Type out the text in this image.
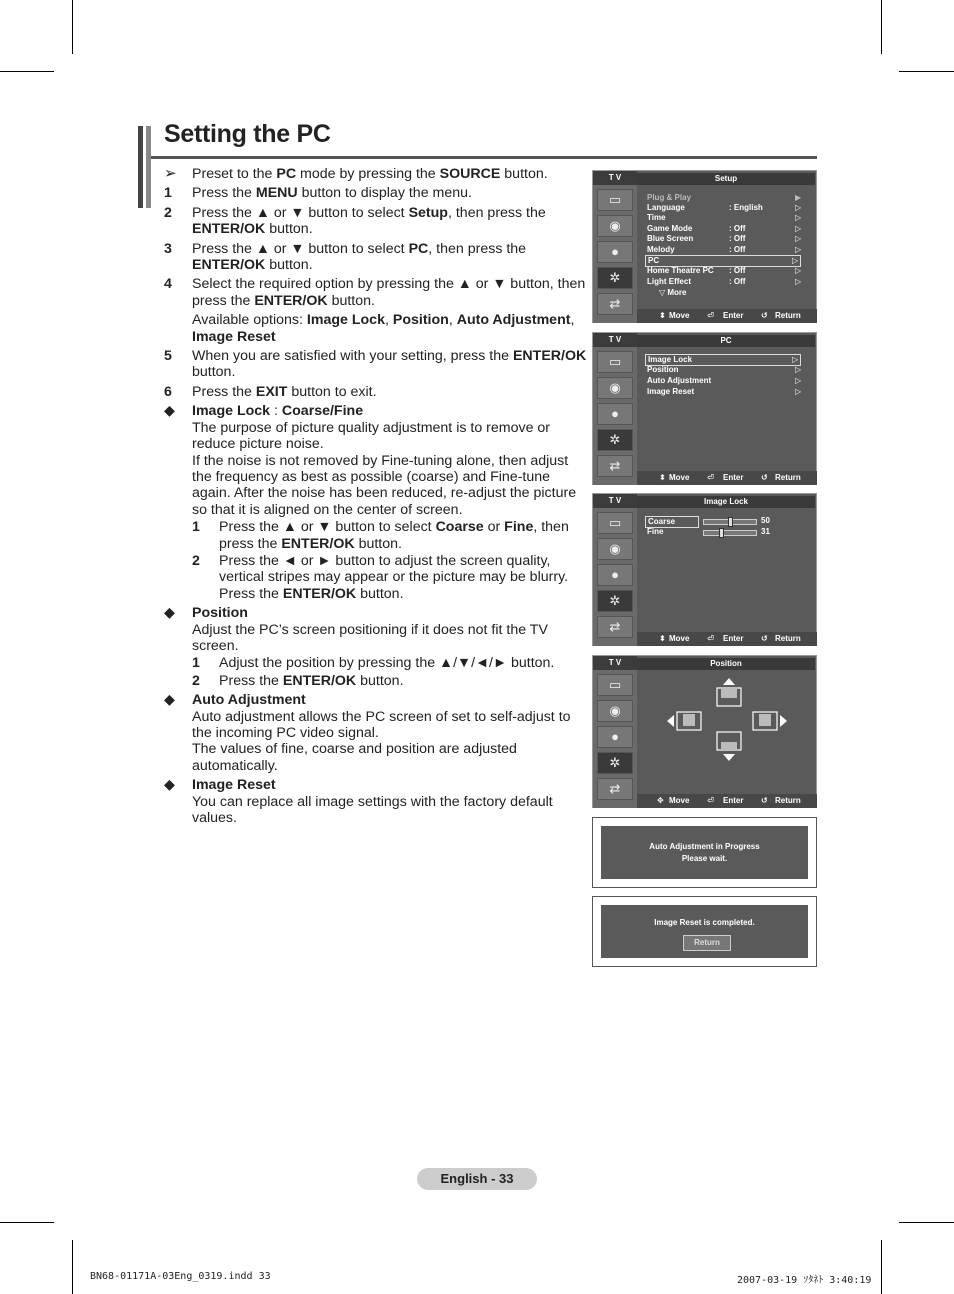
Setting the PC
➢ Preset to the PC mode by pressing the SOURCE button.
1 Press the MENU button to display the menu.
2 Press the ▲ or ▼ button to select Setup, then press the ENTER/OK button.
3 Press the ▲ or ▼ button to select PC, then press the ENTER/OK button.
4 Select the required option by pressing the ▲ or ▼ button, then press the ENTER/OK button.
Available options: Image Lock, Position, Auto Adjustment, Image Reset
5 When you are satisfied with your setting, press the ENTER/OK button.
6 Press the EXIT button to exit.
◆ Image Lock : Coarse/Fine

The purpose of picture quality adjustment is to remove or reduce picture noise.

If the noise is not removed by Fine-tuning alone, then adjust the frequency as best as possible (coarse) and Fine-tune again. After the noise has been reduced, re-adjust the picture so that it is aligned on the center of screen.

1 Press the ▲ or ▼ button to select Coarse or Fine, then press the ENTER/OK button.
2 Press the ◄ or ► button to adjust the screen quality, vertical stripes may appear or the picture may be blurry. Press the ENTER/OK button.
◆ Position

Adjust the PC’s screen positioning if it does not fit the TV screen.

1 Adjust the position by pressing the ▲/▼/◄/► button.
2 Press the ENTER/OK button.
◆ Auto Adjustment

Auto adjustment allows the PC screen of set to self-adjust to the incoming PC video signal.

The values of fine, coarse and position are adjusted automatically.

◆ Image Reset

You can replace all image settings with the factory default values.

T V	Setup
▭
◉
●
✲
⇄
Plug & Play	▶
Language	: English	▷
Time	▷
Game Mode	: Off	▷
Blue Screen	: Off	▷
Melody	: Off	▷
PC	▷
Home Theatre PC : Off	▷
Light Effect	: Off	▷
▽ More
⬍ Move ⏎ Enter ↺ Return
T V	PC
▭
◉
●
✲
⇄
Image Lock	▷
Position	▷
Auto Adjustment	▷
Image Reset	▷
⬍ Move ⏎ Enter ↺ Return
T V	Image Lock
▭
◉
●
✲
⇄
Coarse	50
Fine	31
⬍ Move ⏎ Enter ↺ Return
T V	Position
▭
◉
●
✲
⇄
✥ Move ⏎ Enter ↺ Return
Auto Adjustment in Progress
Please wait.
Image Reset is completed.
Return
English - 33
BN68-01171A-03Eng_0319.indd 33	2007-03-19 ｿﾀﾈﾄ 3:40:19
